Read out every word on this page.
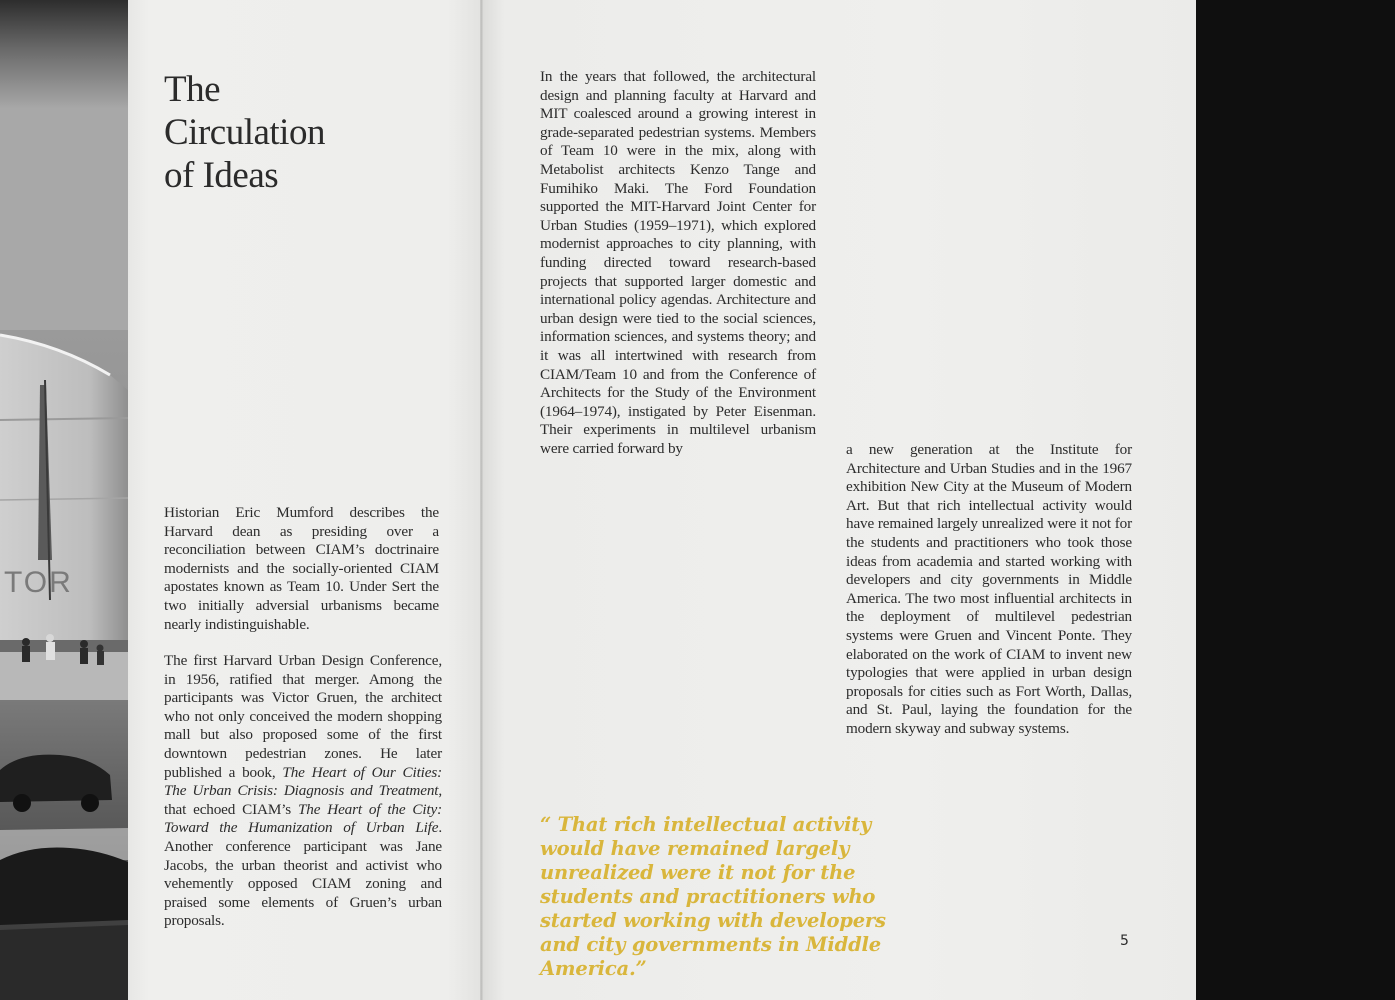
TOR
The
Circulation
of Ideas

Historian Eric Mumford describes the Harvard dean as presiding over a reconciliation between CIAM’s doctrinaire modernists and the socially-oriented CIAM apostates known as Team 10. Under Sert the two initially adversial urbanisms became nearly indistinguishable.

The first Harvard Urban Design Conference, in 1956, ratified that merger. Among the participants was Victor Gruen, the architect who not only conceived the modern shopping mall but also proposed some of the first downtown pedestrian zones. He later published a book, The Heart of Our Cities: The Urban Crisis: Diagnosis and Treatment, that echoed CIAM’s The Heart of the City: Toward the Humanization of Urban Life. Another conference participant was Jane Jacobs, the urban theorist and activist who vehemently opposed CIAM zoning and praised some elements of Gruen’s urban proposals.

In the years that followed, the architectural design and planning faculty at Harvard and MIT coalesced around a growing interest in grade-separated pedestrian systems. Members of Team 10 were in the mix, along with Metabolist architects Kenzo Tange and Fumihiko Maki. The Ford Foundation supported the MIT-Harvard Joint Center for Urban Studies (1959–1971), which explored modernist approaches to city planning, with funding directed toward research-based projects that supported larger domestic and international policy agendas. Architecture and urban design were tied to the social sciences, information sciences, and systems theory; and it was all intertwined with research from CIAM/Team 10 and from the Conference of Architects for the Study of the Environment (1964–1974), instigated by Peter Eisenman. Their experiments in multilevel urbanism were carried forward by	a new generation at the Institute for Architecture and Urban Studies and in the 1967 exhibition New City at the Museum of Modern Art. But that rich intellectual activity would have remained largely unrealized were it not for the students and practitioners who took those ideas from academia and started working with developers and city governments in Middle America. The two most influential architects in the deployment of multilevel pedestrian systems were Gruen and Vincent Ponte. They elaborated on the work of CIAM to invent new typologies that were applied in urban design proposals for cities such as Fort Worth, Dallas, and St. Paul, laying the foundation for the modern skyway and subway systems.

“ That rich intellectual activity would have remained largely unrealized were it not for the students and practitioners who started working with developers and city governments in Middle America.”

5
